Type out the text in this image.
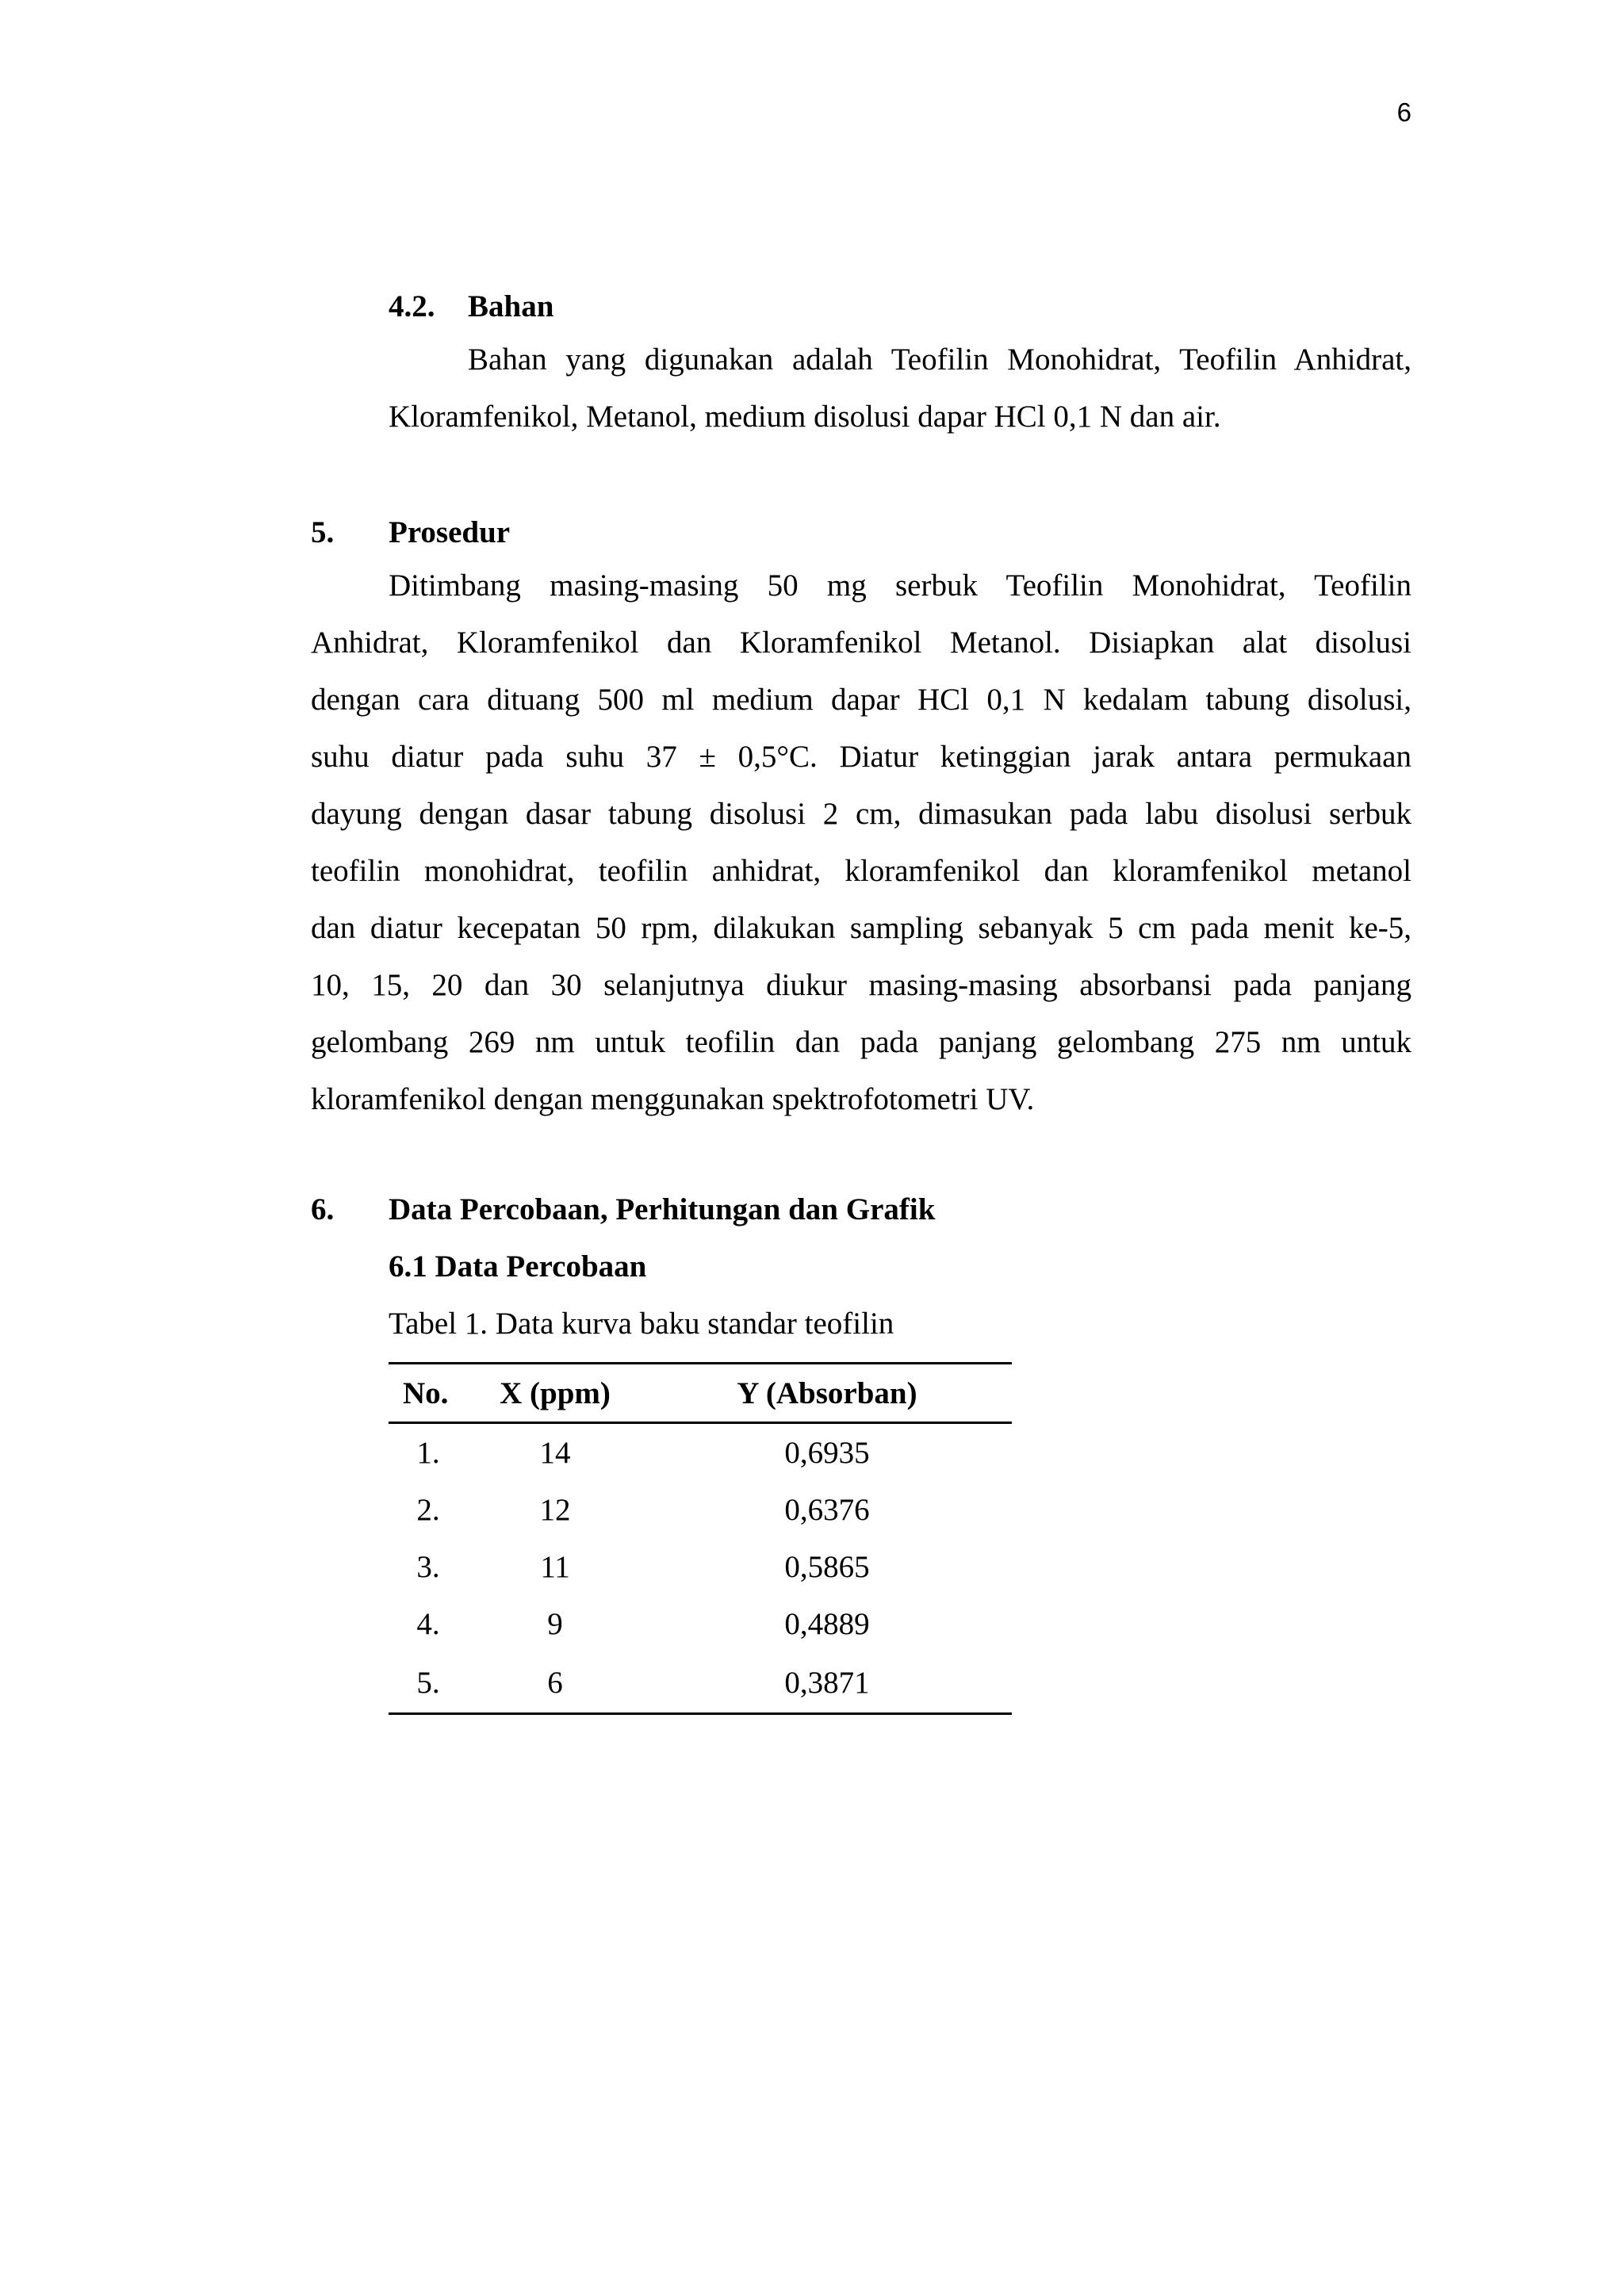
6
4.2. Bahan
Bahan yang digunakan adalah Teofilin Monohidrat, Teofilin Anhidrat,
Kloramfenikol, Metanol, medium disolusi dapar HCl 0,1 N dan air.
5. Prosedur
Ditimbang masing-masing 50 mg serbuk Teofilin Monohidrat, Teofilin
Anhidrat, Kloramfenikol dan Kloramfenikol Metanol. Disiapkan alat disolusi
dengan cara dituang 500 ml medium dapar HCl 0,1 N kedalam tabung disolusi,
suhu diatur pada suhu 37 ± 0,5°C. Diatur ketinggian jarak antara permukaan
dayung dengan dasar tabung disolusi 2 cm, dimasukan pada labu disolusi serbuk
teofilin monohidrat, teofilin anhidrat, kloramfenikol dan kloramfenikol metanol
dan diatur kecepatan 50 rpm, dilakukan sampling sebanyak 5 cm pada menit ke-5,
10, 15, 20 dan 30 selanjutnya diukur masing-masing absorbansi pada panjang
gelombang 269 nm untuk teofilin dan pada panjang gelombang 275 nm untuk
kloramfenikol dengan menggunakan spektrofotometri UV.
6. Data Percobaan, Perhitungan dan Grafik
6.1 Data Percobaan
Tabel 1. Data kurva baku standar teofilin
No.	X (ppm)	Y (Absorban)
1.	14	0,6935
2.	12	0,6376
3.	11	0,5865
4.	9	0,4889
5.	6	0,3871
